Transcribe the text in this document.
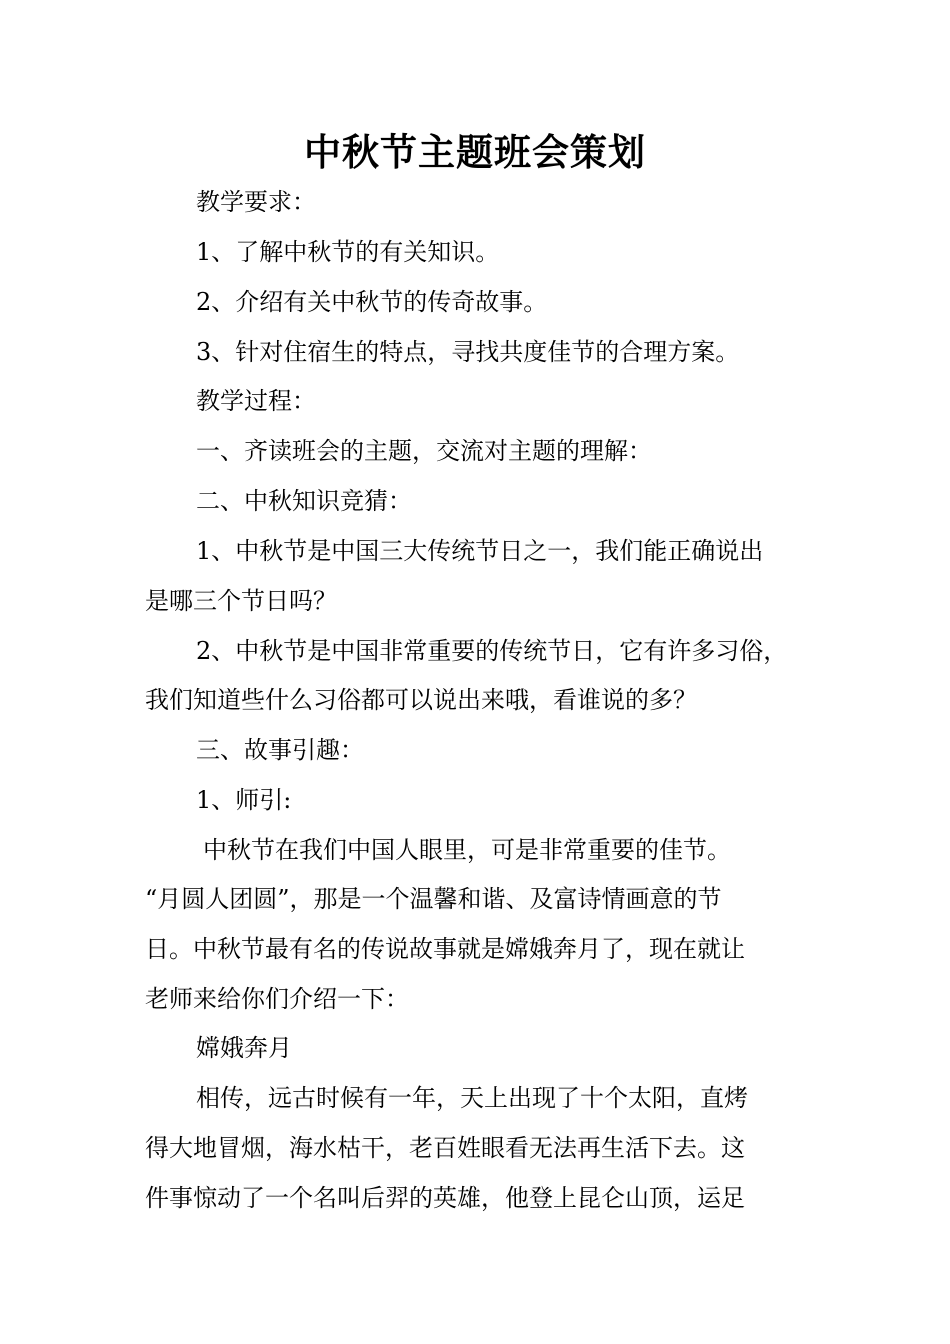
中秋节主题班会策划
教学要求：
1、了解中秋节的有关知识。
2、介绍有关中秋节的传奇故事。
3、针对住宿生的特点，寻找共度佳节的合理方案。
教学过程：
一、齐读班会的主题，交流对主题的理解：
二、中秋知识竞猜：
1、中秋节是中国三大传统节日之一，我们能正确说出
是哪三个节日吗？
2、中秋节是中国非常重要的传统节日，它有许多习俗，
我们知道些什么习俗都可以说出来哦，看谁说的多？
三、故事引趣：
1、师引:
中秋节在我们中国人眼里，可是非常重要的佳节。
“月圆人团圆”，那是一个温馨和谐、及富诗情画意的节
日。中秋节最有名的传说故事就是嫦娥奔月了，现在就让
老师来给你们介绍一下：
嫦娥奔月
相传，远古时候有一年，天上出现了十个太阳，直烤
得大地冒烟，海水枯干，老百姓眼看无法再生活下去。这
件事惊动了一个名叫后羿的英雄，他登上昆仑山顶，运足
